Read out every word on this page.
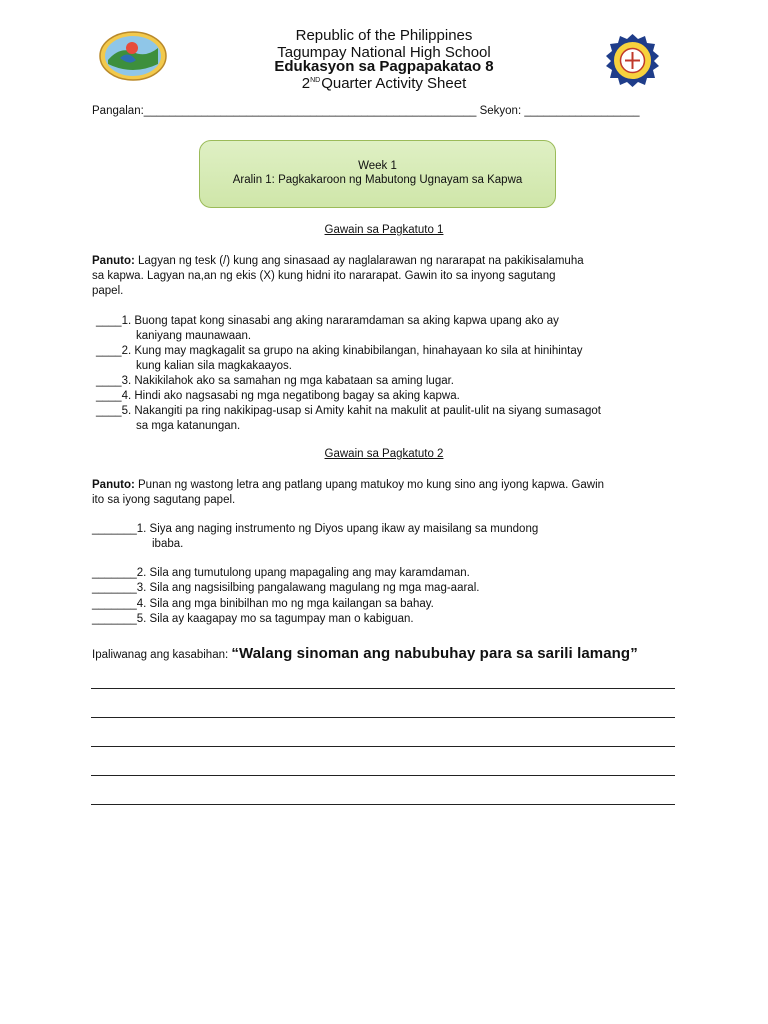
Republic of the Philippines
Tagumpay National High School
Edukasyon sa Pagpapakatao 8
2NDQuarter Activity Sheet
Pangalan:____________________________________________________ Sekyon: __________________
Week 1
Aralin 1: Pagkakaroon ng Mabutong Ugnayam sa Kapwa
Gawain sa Pagkatuto 1
Panuto: Lagyan ng tesk (/) kung ang sinasaad ay naglalarawan ng nararapat na pakikisalamuha
sa kapwa. Lagyan na,an ng ekis (X) kung hidni ito nararapat. Gawin ito sa inyong sagutang
papel.
____1. Buong tapat kong sinasabi ang aking nararamdaman sa aking kapwa upang ako ay
kaniyang maunawaan.
____2. Kung may magkagalit sa grupo na aking kinabibilangan, hinahayaan ko sila at hinihintay
kung kalian sila magkakaayos.
____3. Nakikilahok ako sa samahan ng mga kabataan sa aming lugar.
____4. Hindi ako nagsasabi ng mga negatibong bagay sa aking kapwa.
____5. Nakangiti pa ring nakikipag-usap si Amity kahit na makulit at paulit-ulit na siyang sumasagot
sa mga katanungan.
Gawain sa Pagkatuto 2
Panuto: Punan ng wastong letra ang patlang upang matukoy mo kung sino ang iyong kapwa. Gawin
ito sa iyong sagutang papel.
_______1. Siya ang naging instrumento ng Diyos upang ikaw ay maisilang sa mundong
ibaba.
_______2. Sila ang tumutulong upang mapagaling ang may karamdaman.
_______3. Sila ang nagsisilbing pangalawang magulang ng mga mag-aaral.
_______4. Sila ang mga binibilhan mo ng mga kailangan sa bahay.
_______5. Sila ay kaagapay mo sa tagumpay man o kabiguan.
Ipaliwanag ang kasabihan: “Walang sinoman ang nabubuhay para sa sarili lamang”
